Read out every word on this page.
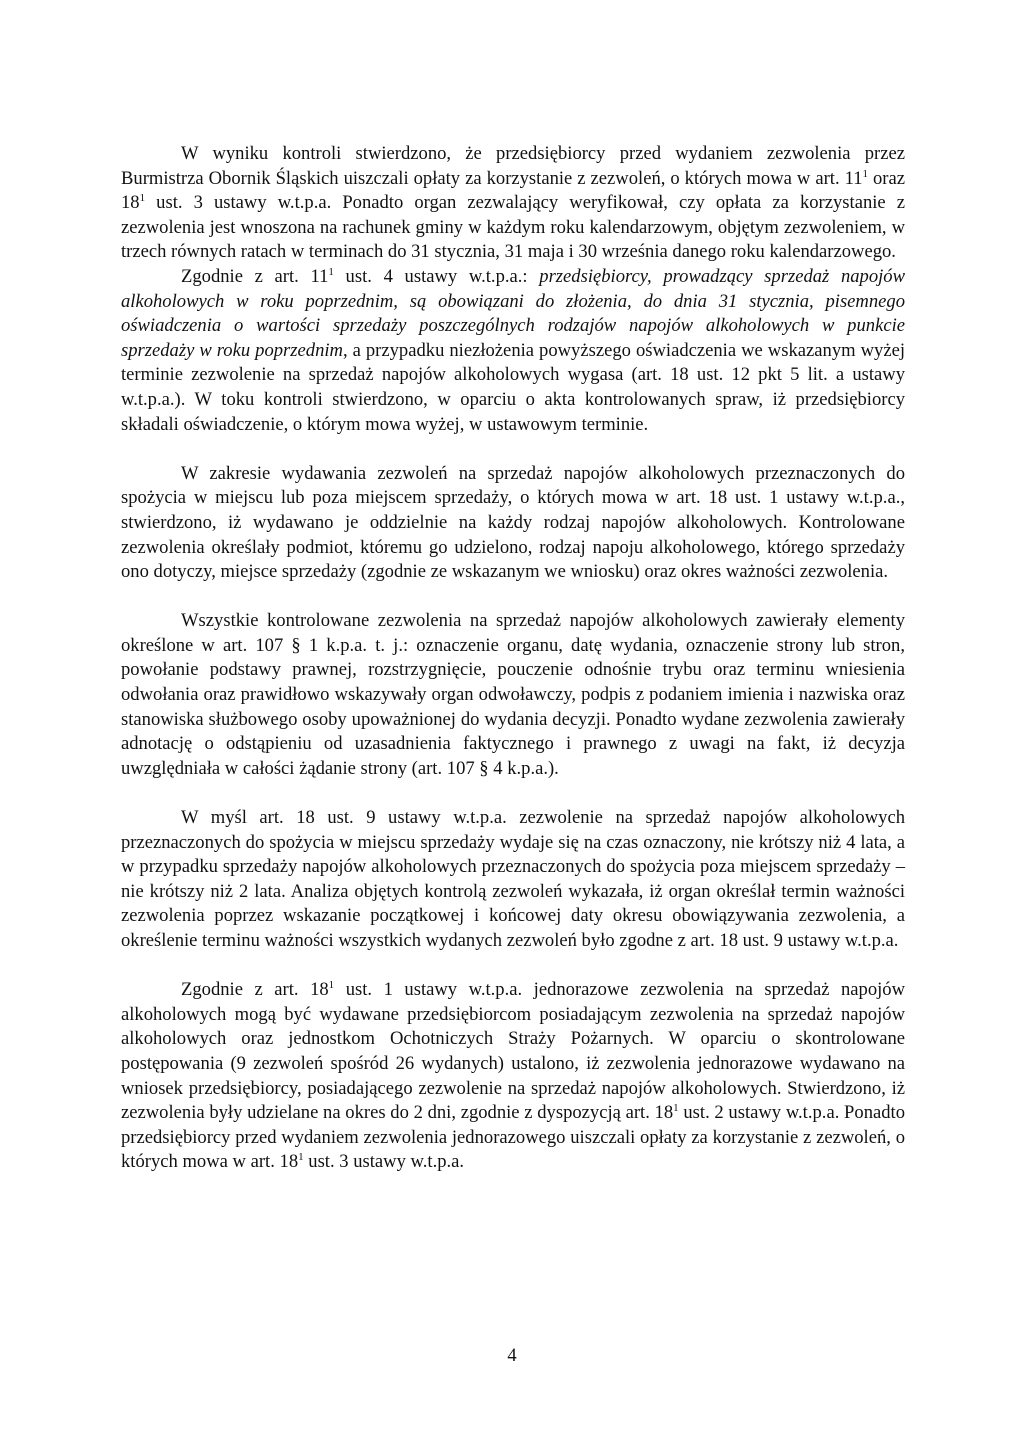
W wyniku kontroli stwierdzono, że przedsiębiorcy przed wydaniem zezwolenia przez Burmistrza Obornik Śląskich uiszczali opłaty za korzystanie z zezwoleń, o których mowa w art. $11^1$ oraz $18^1$ ust. 3 ustawy w.t.p.a. Ponadto organ zezwalający weryfikował, czy opłata za korzystanie z zezwolenia jest wnoszona na rachunek gminy w każdym roku kalendarzowym, objętym zezwoleniem, w trzech równych ratach w terminach do 31 stycznia, 31 maja i 30 września danego roku kalendarzowego.

Zgodnie z art. $11^1$ ust. 4 ustawy w.t.p.a.: przedsiębiorcy, prowadzący sprzedaż napojów alkoholowych w roku poprzednim, są obowiązani do złożenia, do dnia 31 stycznia, pisemnego oświadczenia o wartości sprzedaży poszczególnych rodzajów napojów alkoholowych w punkcie sprzedaży w roku poprzednim, a przypadku niezłożenia powyższego oświadczenia we wskazanym wyżej terminie zezwolenie na sprzedaż napojów alkoholowych wygasa (art. 18 ust. 12 pkt 5 lit. a ustawy w.t.p.a.). W toku kontroli stwierdzono, w oparciu o akta kontrolowanych spraw, iż przedsiębiorcy składali oświadczenie, o którym mowa wyżej, w ustawowym terminie.

W zakresie wydawania zezwoleń na sprzedaż napojów alkoholowych przeznaczonych do spożycia w miejscu lub poza miejscem sprzedaży, o których mowa w art. 18 ust. 1 ustawy w.t.p.a., stwierdzono, iż wydawano je oddzielnie na każdy rodzaj napojów alkoholowych. Kontrolowane zezwolenia określały podmiot, któremu go udzielono, rodzaj napoju alkoholowego, którego sprzedaży ono dotyczy, miejsce sprzedaży (zgodnie ze wskazanym we wniosku) oraz okres ważności zezwolenia.

Wszystkie kontrolowane zezwolenia na sprzedaż napojów alkoholowych zawierały elementy określone w art. 107 § 1 k.p.a. t. j.: oznaczenie organu, datę wydania, oznaczenie strony lub stron, powołanie podstawy prawnej, rozstrzygnięcie, pouczenie odnośnie trybu oraz terminu wniesienia odwołania oraz prawidłowo wskazywały organ odwoławczy, podpis z podaniem imienia i nazwiska oraz stanowiska służbowego osoby upoważnionej do wydania decyzji. Ponadto wydane zezwolenia zawierały adnotację o odstąpieniu od uzasadnienia faktycznego i prawnego z uwagi na fakt, iż decyzja uwzględniała w całości żądanie strony (art. 107 § 4 k.p.a.).

W myśl art. 18 ust. 9 ustawy w.t.p.a. zezwolenie na sprzedaż napojów alkoholowych przeznaczonych do spożycia w miejscu sprzedaży wydaje się na czas oznaczony, nie krótszy niż 4 lata, a w przypadku sprzedaży napojów alkoholowych przeznaczonych do spożycia poza miejscem sprzedaży – nie krótszy niż 2 lata. Analiza objętych kontrolą zezwoleń wykazała, iż organ określał termin ważności zezwolenia poprzez wskazanie początkowej i końcowej daty okresu obowiązywania zezwolenia, a określenie terminu ważności wszystkich wydanych zezwoleń było zgodne z art. 18 ust. 9 ustawy w.t.p.a.

Zgodnie z art. $18^1$ ust. 1 ustawy w.t.p.a. jednorazowe zezwolenia na sprzedaż napojów alkoholowych mogą być wydawane przedsiębiorcom posiadającym zezwolenia na sprzedaż napojów alkoholowych oraz jednostkom Ochotniczych Straży Pożarnych. W oparciu o skontrolowane postępowania (9 zezwoleń spośród 26 wydanych) ustalono, iż zezwolenia jednorazowe wydawano na wniosek przedsiębiorcy, posiadającego zezwolenie na sprzedaż napojów alkoholowych. Stwierdzono, iż zezwolenia były udzielane na okres do 2 dni, zgodnie z dyspozycją art. $18^1$ ust. 2 ustawy w.t.p.a. Ponadto przedsiębiorcy przed wydaniem zezwolenia jednorazowego uiszczali opłaty za korzystanie z zezwoleń, o których mowa w art. $18^1$ ust. 3 ustawy w.t.p.a.

4
